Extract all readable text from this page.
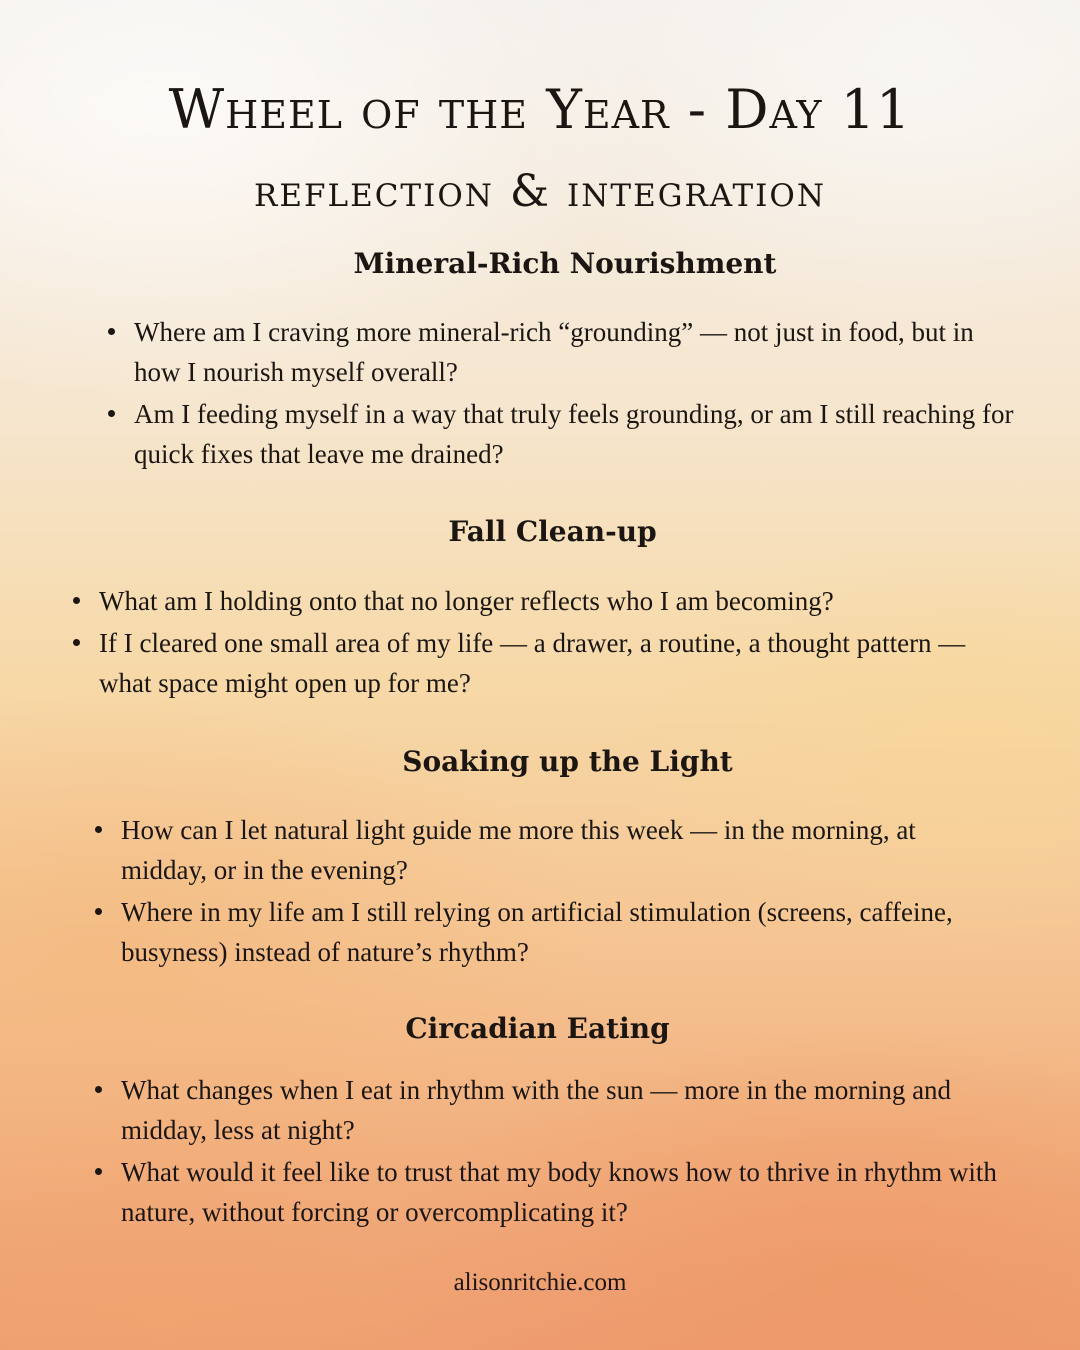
Wheel of the Year - Day 11
reflection & integration
Mineral-Rich Nourishment
Where am I craving more mineral-rich “grounding” — not just in food, but in how I nourish myself overall?
Am I feeding myself in a way that truly feels grounding, or am I still reaching for quick fixes that leave me drained?
Fall Clean-up
What am I holding onto that no longer reflects who I am becoming?
If I cleared one small area of my life — a drawer, a routine, a thought pattern — what space might open up for me?
Soaking up the Light
How can I let natural light guide me more this week — in the morning, at midday, or in the evening?
Where in my life am I still relying on artificial stimulation (screens, caffeine, busyness) instead of nature’s rhythm?
Circadian Eating
What changes when I eat in rhythm with the sun — more in the morning and midday, less at night?
What would it feel like to trust that my body knows how to thrive in rhythm with nature, without forcing or overcomplicating it?

alisonritchie.com
